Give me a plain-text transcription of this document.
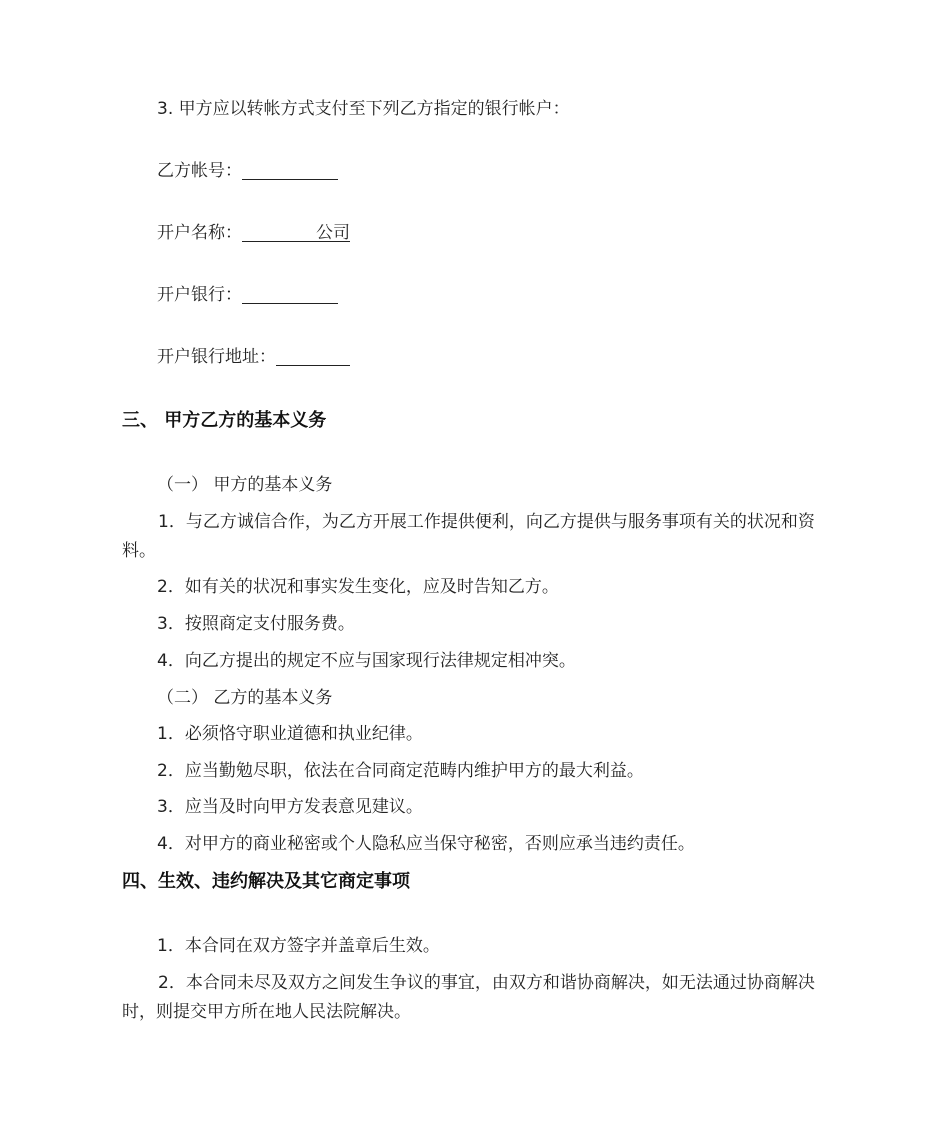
3. 甲方应以转帐方式支付至下列乙方指定的银行帐户：
乙方帐号：
开户名称：	公司
开户银行：
开户银行地址：
三、 甲方乙方的基本义务
（一） 甲方的基本义务
1．与乙方诚信合作，为乙方开展工作提供便利，向乙方提供与服务事项有关的状况和资料。
2．如有关的状况和事实发生变化，应及时告知乙方。
3．按照商定支付服务费。
4．向乙方提出的规定不应与国家现行法律规定相冲突。
（二） 乙方的基本义务
1．必须恪守职业道德和执业纪律。
2．应当勤勉尽职，依法在合同商定范畴内维护甲方的最大利益。
3．应当及时向甲方发表意见建议。
4．对甲方的商业秘密或个人隐私应当保守秘密，否则应承当违约责任。
四、生效、违约解决及其它商定事项
1．本合同在双方签字并盖章后生效。
2．本合同未尽及双方之间发生争议的事宜，由双方和谐协商解决，如无法通过协商解决时，则提交甲方所在地人民法院解决。
